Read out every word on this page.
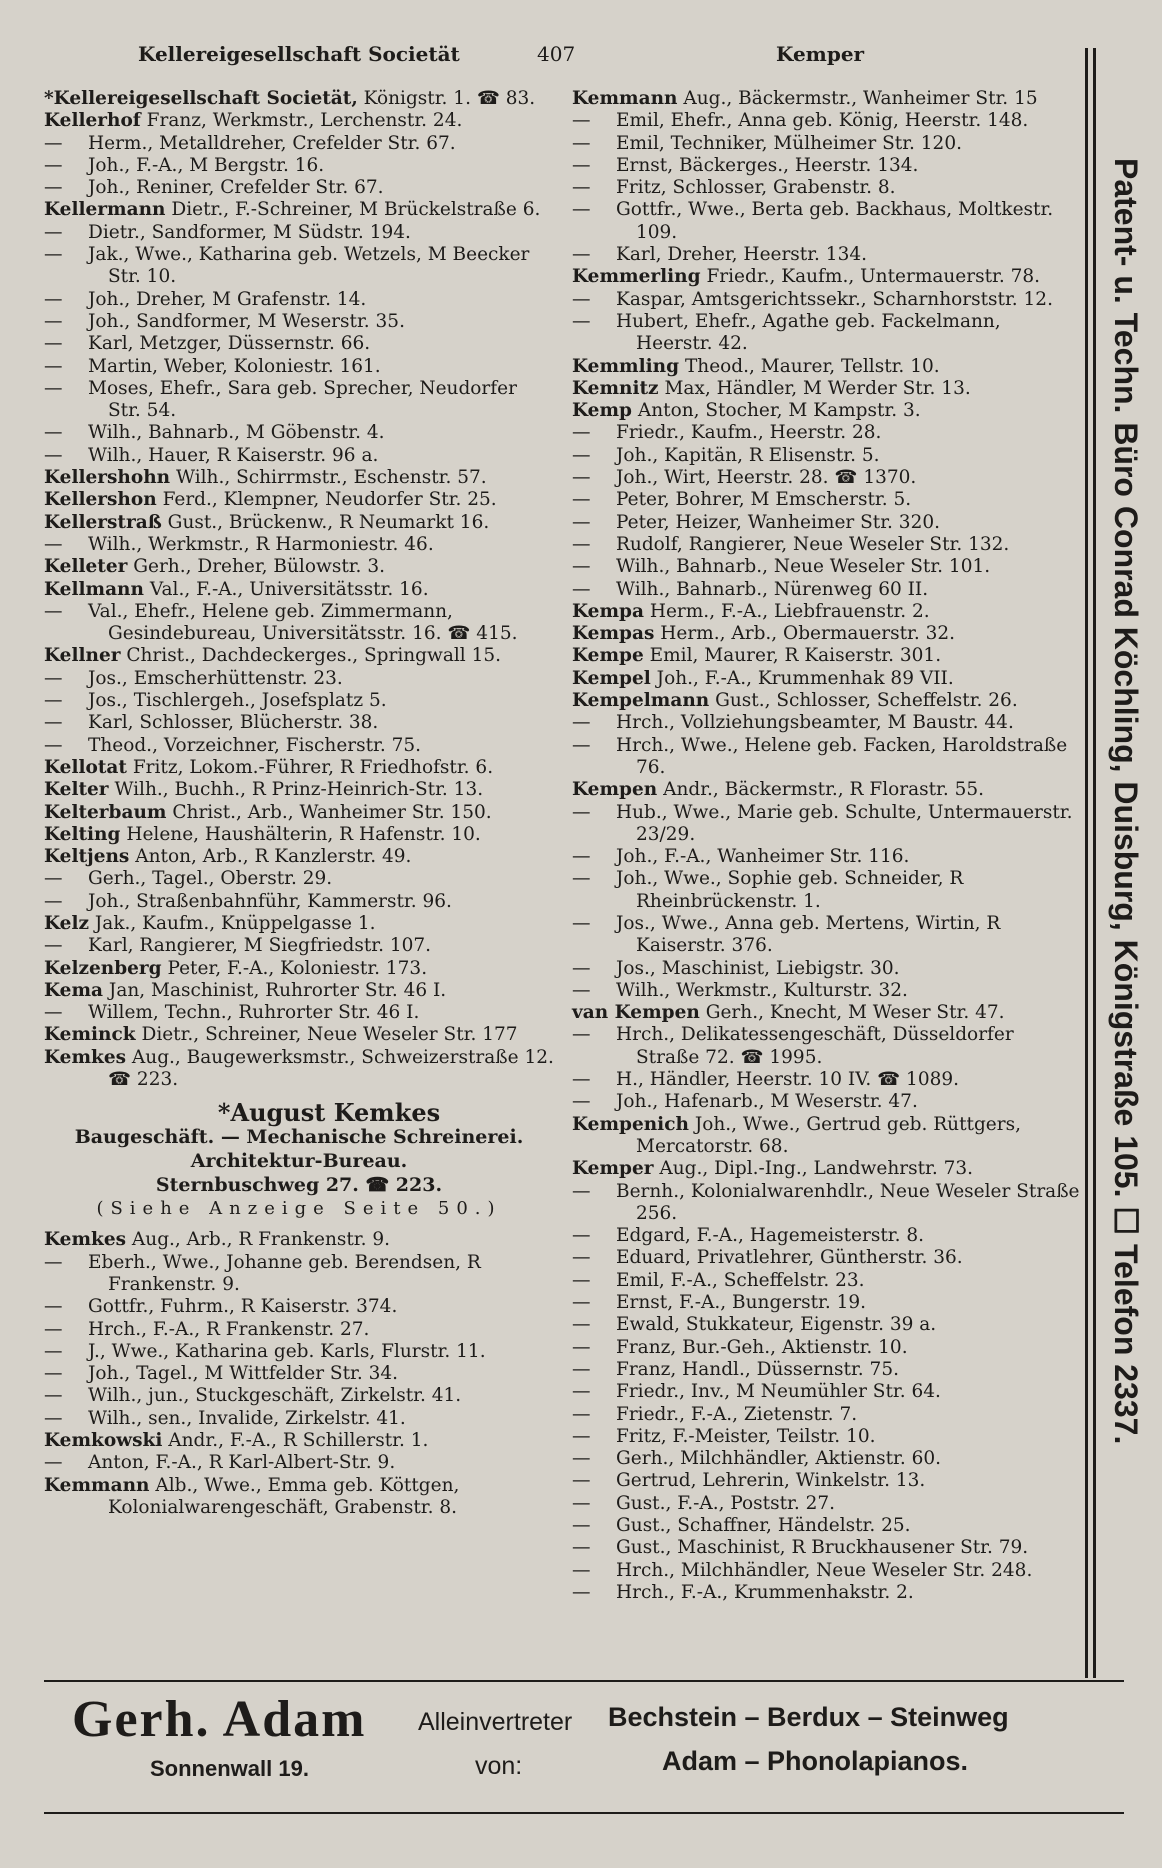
Kellereigesellschaft Societät	407	Kemper
*Kellereigesellschaft Societät, Königstr. 1. ☎ 83.
Kellerhof Franz, Werkmstr., Lerchenstr. 24.
— Herm., Metalldreher, Crefelder Str. 67.
— Joh., F.-A., M Bergstr. 16.
— Joh., Reniner, Crefelder Str. 67.
Kellermann Dietr., F.-Schreiner, M Brückelstraße 6.
— Dietr., Sandformer, M Südstr. 194.
— Jak., Wwe., Katharina geb. Wetzels, M Beecker Str. 10.
— Joh., Dreher, M Grafenstr. 14.
— Joh., Sandformer, M Weserstr. 35.
— Karl, Metzger, Düssernstr. 66.
— Martin, Weber, Koloniestr. 161.
— Moses, Ehefr., Sara geb. Sprecher, Neudorfer Str. 54.
— Wilh., Bahnarb., M Göbenstr. 4.
— Wilh., Hauer, R Kaiserstr. 96 a.
Kellershohn Wilh., Schirrmstr., Eschenstr. 57.
Kellershon Ferd., Klempner, Neudorfer Str. 25.
Kellerstraß Gust., Brückenw., R Neumarkt 16.
— Wilh., Werkmstr., R Harmoniestr. 46.
Kelleter Gerh., Dreher, Bülowstr. 3.
Kellmann Val., F.-A., Universitätsstr. 16.
— Val., Ehefr., Helene geb. Zimmermann, Gesindebureau, Universitätsstr. 16. ☎ 415.
Kellner Christ., Dachdeckerges., Springwall 15.
— Jos., Emscherhüttenstr. 23.
— Jos., Tischlergeh., Josefsplatz 5.
— Karl, Schlosser, Blücherstr. 38.
— Theod., Vorzeichner, Fischerstr. 75.
Kellotat Fritz, Lokom.-Führer, R Friedhofstr. 6.
Kelter Wilh., Buchh., R Prinz-Heinrich-Str. 13.
Kelterbaum Christ., Arb., Wanheimer Str. 150.
Kelting Helene, Haushälterin, R Hafenstr. 10.
Keltjens Anton, Arb., R Kanzlerstr. 49.
— Gerh., Tagel., Oberstr. 29.
— Joh., Straßenbahnführ, Kammerstr. 96.
Kelz Jak., Kaufm., Knüppelgasse 1.
— Karl, Rangierer, M Siegfriedstr. 107.
Kelzenberg Peter, F.-A., Koloniestr. 173.
Kema Jan, Maschinist, Ruhrorter Str. 46 I.
— Willem, Techn., Ruhrorter Str. 46 I.
Keminck Dietr., Schreiner, Neue Weseler Str. 177
Kemkes Aug., Baugewerksmstr., Schweizerstraße 12. ☎ 223.
*August Kemkes
Baugeschäft. — Mechanische Schreinerei.
Architektur-Bureau.
Sternbuschweg 27. ☎ 223.
(Siehe Anzeige Seite 50.)
Kemkes Aug., Arb., R Frankenstr. 9.
— Eberh., Wwe., Johanne geb. Berendsen, R Frankenstr. 9.
— Gottfr., Fuhrm., R Kaiserstr. 374.
— Hrch., F.-A., R Frankenstr. 27.
— J., Wwe., Katharina geb. Karls, Flurstr. 11.
— Joh., Tagel., M Wittfelder Str. 34.
— Wilh., jun., Stuckgeschäft, Zirkelstr. 41.
— Wilh., sen., Invalide, Zirkelstr. 41.
Kemkowski Andr., F.-A., R Schillerstr. 1.
— Anton, F.-A., R Karl-Albert-Str. 9.
Kemmann Alb., Wwe., Emma geb. Köttgen, Kolonialwarengeschäft, Grabenstr. 8.
Kemmann Aug., Bäckermstr., Wanheimer Str. 15
— Emil, Ehefr., Anna geb. König, Heerstr. 148.
— Emil, Techniker, Mülheimer Str. 120.
— Ernst, Bäckerges., Heerstr. 134.
— Fritz, Schlosser, Grabenstr. 8.
— Gottfr., Wwe., Berta geb. Backhaus, Moltkestr. 109.
— Karl, Dreher, Heerstr. 134.
Kemmerling Friedr., Kaufm., Untermauerstr. 78.
— Kaspar, Amtsgerichtssekr., Scharnhorststr. 12.
— Hubert, Ehefr., Agathe geb. Fackelmann, Heerstr. 42.
Kemmling Theod., Maurer, Tellstr. 10.
Kemnitz Max, Händler, M Werder Str. 13.
Kemp Anton, Stocher, M Kampstr. 3.
— Friedr., Kaufm., Heerstr. 28.
— Joh., Kapitän, R Elisenstr. 5.
— Joh., Wirt, Heerstr. 28. ☎ 1370.
— Peter, Bohrer, M Emscherstr. 5.
— Peter, Heizer, Wanheimer Str. 320.
— Rudolf, Rangierer, Neue Weseler Str. 132.
— Wilh., Bahnarb., Neue Weseler Str. 101.
— Wilh., Bahnarb., Nürenweg 60 II.
Kempa Herm., F.-A., Liebfrauenstr. 2.
Kempas Herm., Arb., Obermauerstr. 32.
Kempe Emil, Maurer, R Kaiserstr. 301.
Kempel Joh., F.-A., Krummenhak 89 VII.
Kempelmann Gust., Schlosser, Scheffelstr. 26.
— Hrch., Vollziehungsbeamter, M Baustr. 44.
— Hrch., Wwe., Helene geb. Facken, Haroldstraße 76.
Kempen Andr., Bäckermstr., R Florastr. 55.
— Hub., Wwe., Marie geb. Schulte, Untermauerstr. 23/29.
— Joh., F.-A., Wanheimer Str. 116.
— Joh., Wwe., Sophie geb. Schneider, R Rheinbrückenstr. 1.
— Jos., Wwe., Anna geb. Mertens, Wirtin, R Kaiserstr. 376.
— Jos., Maschinist, Liebigstr. 30.
— Wilh., Werkmstr., Kulturstr. 32.
van Kempen Gerh., Knecht, M Weser Str. 47.
— Hrch., Delikatessengeschäft, Düsseldorfer Straße 72. ☎ 1995.
— H., Händler, Heerstr. 10 IV. ☎ 1089.
— Joh., Hafenarb., M Weserstr. 47.
Kempenich Joh., Wwe., Gertrud geb. Rüttgers, Mercatorstr. 68.
Kemper Aug., Dipl.-Ing., Landwehrstr. 73.
— Bernh., Kolonialwarenhdlr., Neue Weseler Straße 256.
— Edgard, F.-A., Hagemeisterstr. 8.
— Eduard, Privatlehrer, Güntherstr. 36.
— Emil, F.-A., Scheffelstr. 23.
— Ernst, F.-A., Bungerstr. 19.
— Ewald, Stukkateur, Eigenstr. 39 a.
— Franz, Bur.-Geh., Aktienstr. 10.
— Franz, Handl., Düssernstr. 75.
— Friedr., Inv., M Neumühler Str. 64.
— Friedr., F.-A., Zietenstr. 7.
— Fritz, F.-Meister, Teilstr. 10.
— Gerh., Milchhändler, Aktienstr. 60.
— Gertrud, Lehrerin, Winkelstr. 13.
— Gust., F.-A., Poststr. 27.
— Gust., Schaffner, Händelstr. 25.
— Gust., Maschinist, R Bruckhausener Str. 79.
— Hrch., Milchhändler, Neue Weseler Str. 248.
— Hrch., F.-A., Krummenhakstr. 2.
Patent- u. Techn. Büro Conrad Köchling, Duisburg, Königstraße 105. ☐ Telefon 2337.
Gerh. Adam
Sonnenwall 19.
Alleinvertreter
von:
Bechstein – Berdux – Steinweg
Adam – Phonolapianos.
